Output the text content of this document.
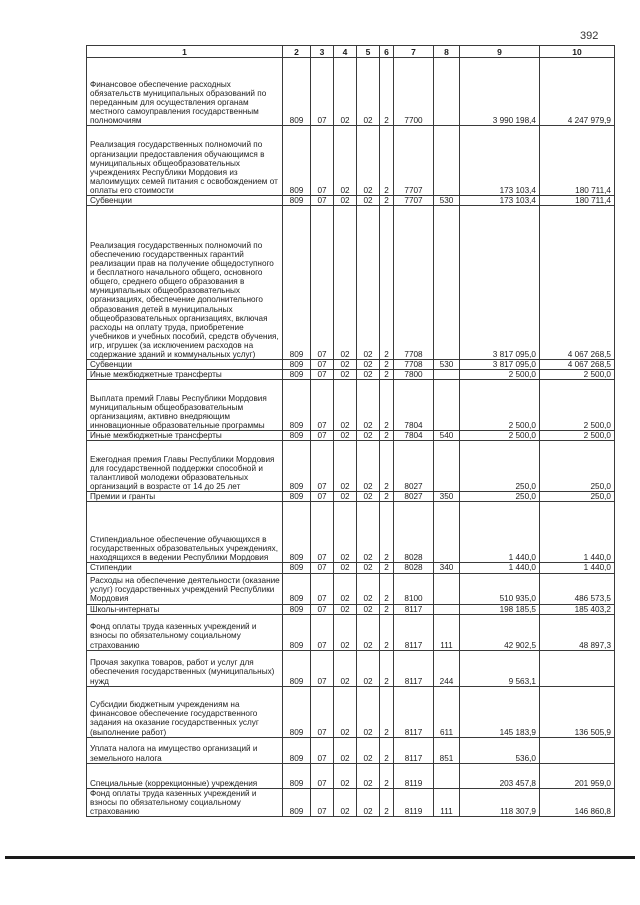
392
1	2	3	4	5	6	7	8	9	10
Финансовое обеспечение расходных обязательств муниципальных образований по переданным для осуществления органам местного самоуправления государственным полномочиям	809	07	02	02	2	7700		3 990 198,4	4 247 979,9
Реализация государственных полномочий по организации предоставления обучающимся в муниципальных общеобразовательных учреждениях Республики Мордовия из малоимущих семей питания с освобождением от оплаты его стоимости	809	07	02	02	2	7707		173 103,4	180 711,4
Субвенции	809	07	02	02	2	7707	530	173 103,4	180 711,4
Реализация государственных полномочий по обеспечению государственных гарантий реализации прав на получение общедоступного и бесплатного начального общего, основного общего, среднего общего образования в муниципальных общеобразовательных организациях, обеспечение дополнительного образования детей в муниципальных общеобразовательных организациях, включая расходы на оплату труда, приобретение учебников и учебных пособий, средств обучения, игр, игрушек (за исключением расходов на содержание зданий и коммунальных услуг)	809	07	02	02	2	7708		3 817 095,0	4 067 268,5
Субвенции	809	07	02	02	2	7708	530	3 817 095,0	4 067 268,5
Иные межбюджетные трансферты	809	07	02	02	2	7800		2 500,0	2 500,0
Выплата премий Главы Республики Мордовия муниципальным общеобразовательным организациям, активно внедряющим инновационные образовательные программы	809	07	02	02	2	7804		2 500,0	2 500,0
Иные межбюджетные трансферты	809	07	02	02	2	7804	540	2 500,0	2 500,0
Ежегодная премия Главы Республики Мордовия для государственной поддержки способной и талантливой молодежи образовательных организаций в возрасте от 14 до 25 лет	809	07	02	02	2	8027		250,0	250,0
Премии и гранты	809	07	02	02	2	8027	350	250,0	250,0
Стипендиальное обеспечение обучающихся в государственных образовательных учреждениях, находящихся в ведении Республики Мордовия	809	07	02	02	2	8028		1 440,0	1 440,0
Стипендии	809	07	02	02	2	8028	340	1 440,0	1 440,0
Расходы на обеспечение деятельности (оказание услуг) государственных учреждений Республики Мордовия	809	07	02	02	2	8100		510 935,0	486 573,5
Школы-интернаты	809	07	02	02	2	8117		198 185,5	185 403,2
Фонд оплаты труда казенных учреждений и взносы по обязательному социальному страхованию	809	07	02	02	2	8117	111	42 902,5	48 897,3
Прочая закупка товаров, работ и услуг для обеспечения государственных (муниципальных) нужд	809	07	02	02	2	8117	244	9 563,1	
Субсидии бюджетным учреждениям на финансовое обеспечение государственного задания на оказание государственных услуг (выполнение работ)	809	07	02	02	2	8117	611	145 183,9	136 505,9
Уплата налога на имущество организаций и земельного налога	809	07	02	02	2	8117	851	536,0	
Специальные (коррекционные) учреждения	809	07	02	02	2	8119		203 457,8	201 959,0
Фонд оплаты труда казенных учреждений и взносы по обязательному социальному страхованию	809	07	02	02	2	8119	111	118 307,9	146 860,8
